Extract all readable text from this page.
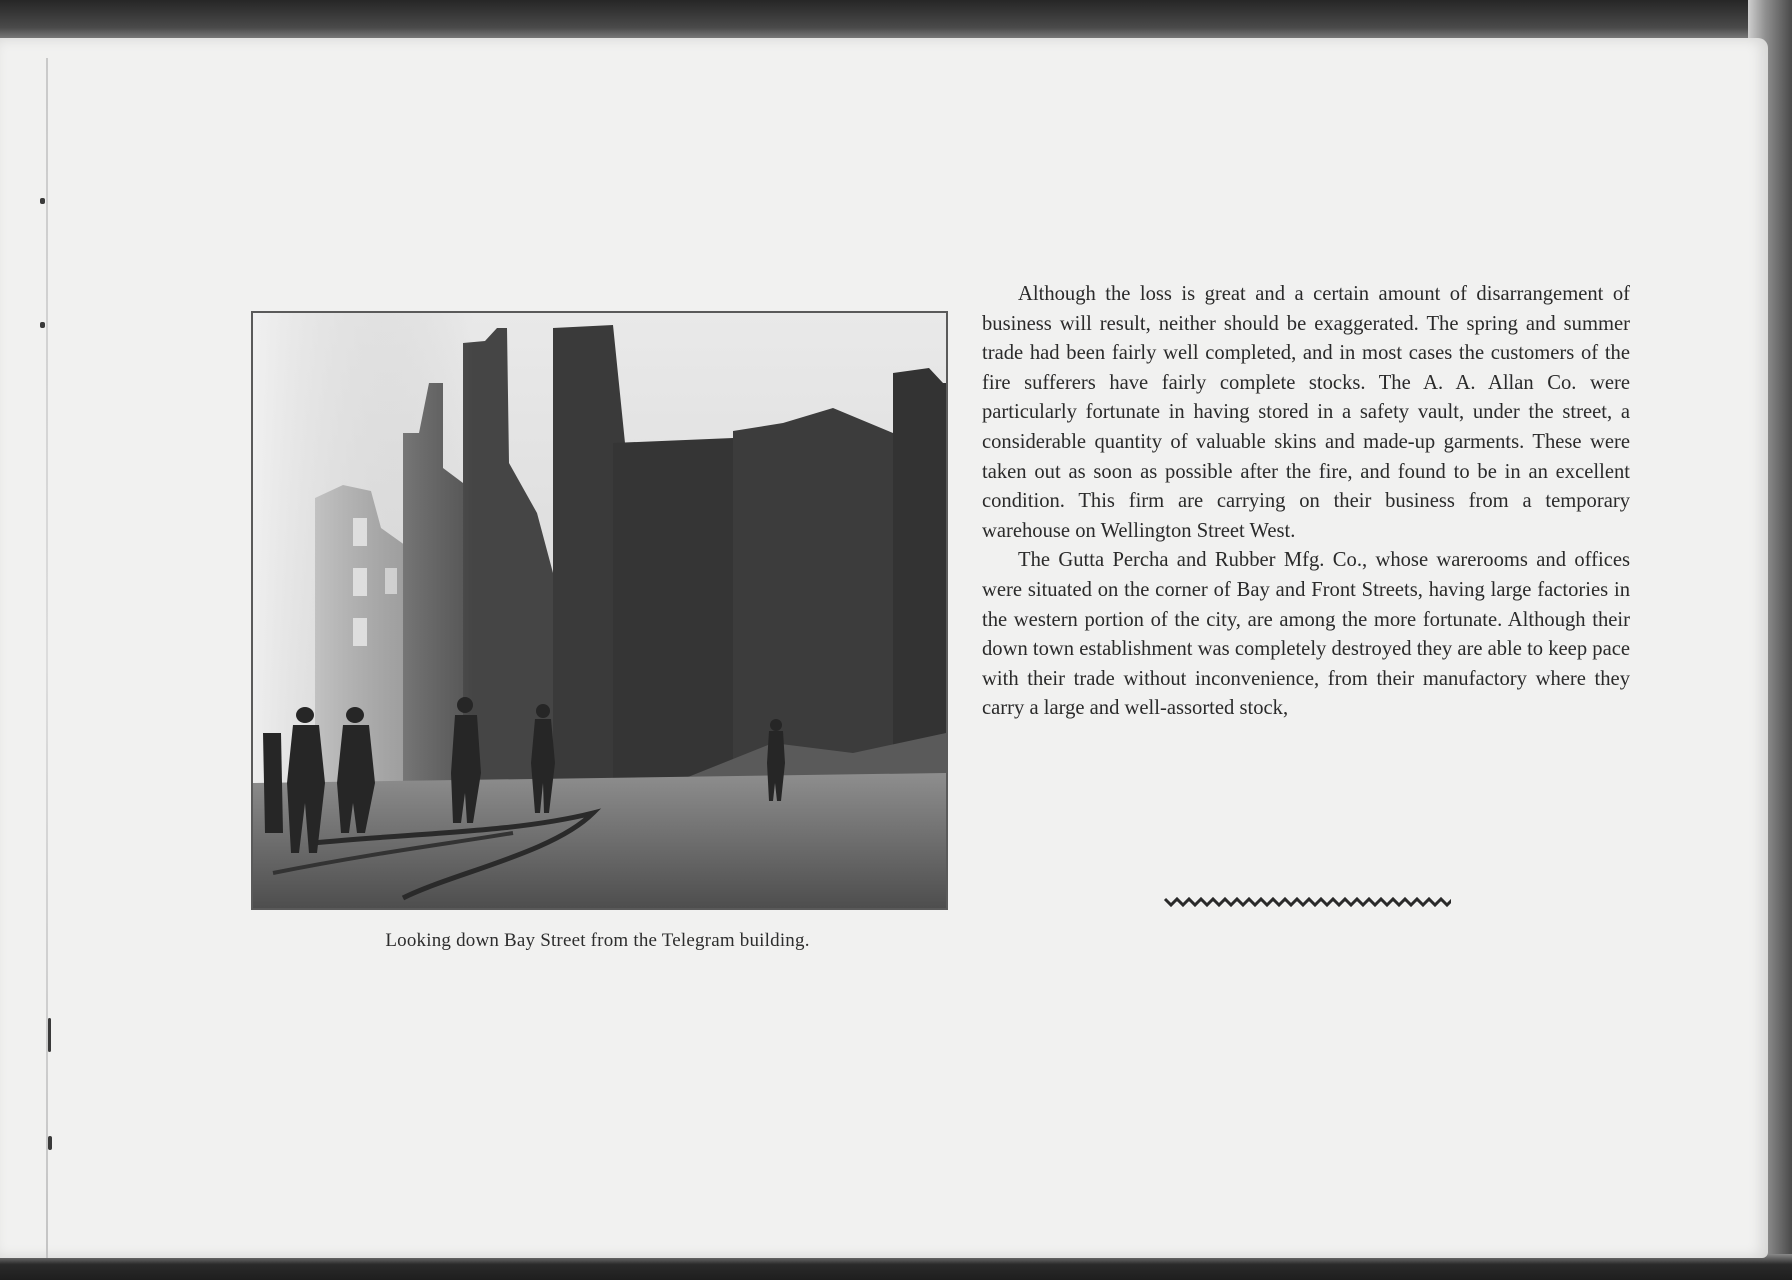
Looking down Bay Street from the Telegram building.

Although the loss is great and a certain amount of disarrangement of business will result, neither should be exaggerated. The spring and summer trade had been fairly well completed, and in most cases the customers of the fire sufferers have fairly complete stocks. The A. A. Allan Co. were particularly fortunate in having stored in a safety vault, under the street, a considerable quantity of valuable skins and made-up garments. These were taken out as soon as possible after the fire, and found to be in an excellent condition. This firm are carrying on their business from a temporary warehouse on Wellington Street West.

The Gutta Percha and Rubber Mfg. Co., whose warerooms and offices were situated on the corner of Bay and Front Streets, having large factories in the western portion of the city, are among the more fortunate. Although their down town establishment was completely destroyed they are able to keep pace with their trade without inconvenience, from their manufactory where they carry a large and well-assorted stock,
